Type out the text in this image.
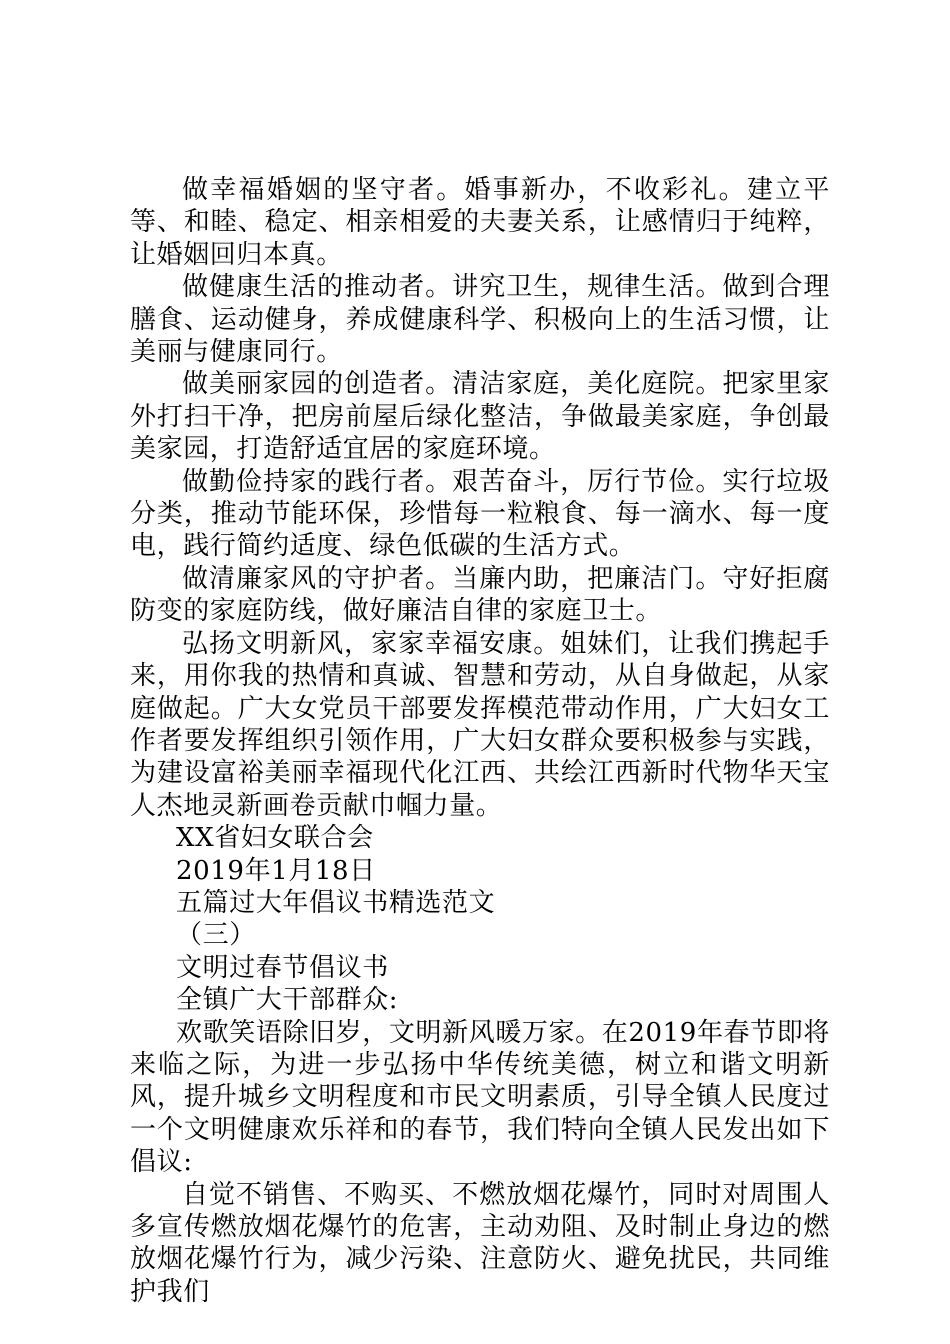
做幸福婚姻的坚守者。婚事新办，不收彩礼。建立平等、和睦、稳定、相亲相爱的夫妻关系，让感情归于纯粹，让婚姻回归本真。

做健康生活的推动者。讲究卫生，规律生活。做到合理膳食、运动健身，养成健康科学、积极向上的生活习惯，让美丽与健康同行。

做美丽家园的创造者。清洁家庭，美化庭院。把家里家外打扫干净，把房前屋后绿化整洁，争做最美家庭，争创最美家园，打造舒适宜居的家庭环境。

做勤俭持家的践行者。艰苦奋斗，厉行节俭。实行垃圾分类，推动节能环保，珍惜每一粒粮食、每一滴水、每一度电，践行简约适度、绿色低碳的生活方式。

做清廉家风的守护者。当廉内助，把廉洁门。守好拒腐防变的家庭防线，做好廉洁自律的家庭卫士。

弘扬文明新风，家家幸福安康。姐妹们，让我们携起手来，用你我的热情和真诚、智慧和劳动，从自身做起，从家庭做起。广大女党员干部要发挥模范带动作用，广大妇女工作者要发挥组织引领作用，广大妇女群众要积极参与实践，为建设富裕美丽幸福现代化江西、共绘江西新时代物华天宝人杰地灵新画卷贡献巾帼力量。

XX省妇女联合会

2019年1月18日

五篇过大年倡议书精选范文

（三）

文明过春节倡议书

全镇广大干部群众:

欢歌笑语除旧岁，文明新风暖万家。在2019年春节即将来临之际，为进一步弘扬中华传统美德，树立和谐文明新风，提升城乡文明程度和市民文明素质，引导全镇人民度过一个文明健康欢乐祥和的春节，我们特向全镇人民发出如下倡议:

自觉不销售、不购买、不燃放烟花爆竹，同时对周围人多宣传燃放烟花爆竹的危害，主动劝阻、及时制止身边的燃放烟花爆竹行为，减少污染、注意防火、避免扰民，共同维护我们
